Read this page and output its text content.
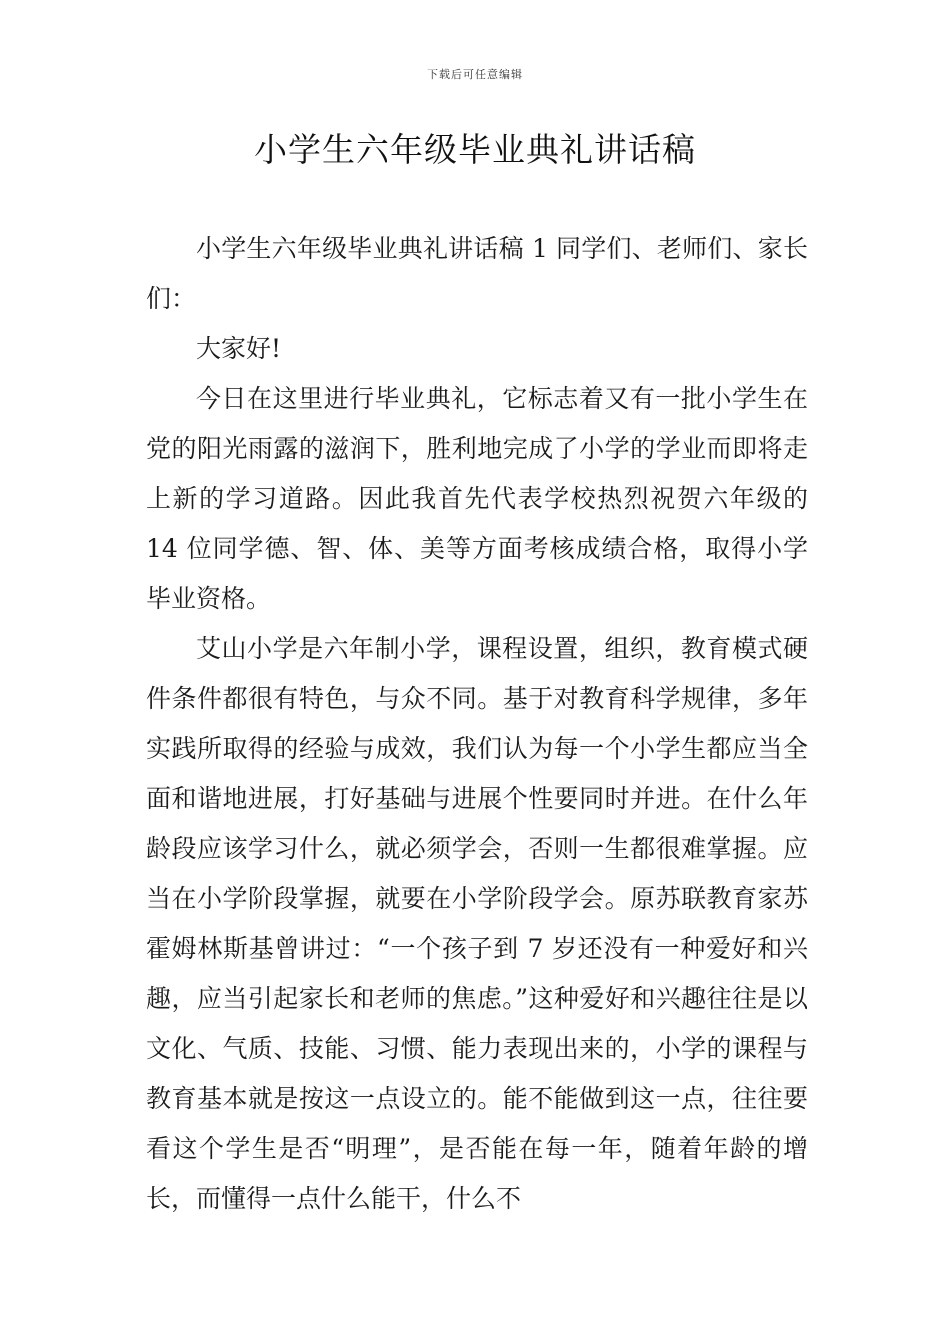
下载后可任意编辑
小学生六年级毕业典礼讲话稿

小学生六年级毕业典礼讲话稿 1 同学们、老师们、家长们：

大家好!

今日在这里进行毕业典礼，它标志着又有一批小学生在党的阳光雨露的滋润下，胜利地完成了小学的学业而即将走上新的学习道路。因此我首先代表学校热烈祝贺六年级的 14 位同学德、智、体、美等方面考核成绩合格，取得小学毕业资格。

艾山小学是六年制小学，课程设置，组织，教育模式硬件条件都很有特色，与众不同。基于对教育科学规律，多年实践所取得的经验与成效，我们认为每一个小学生都应当全面和谐地进展，打好基础与进展个性要同时并进。在什么年龄段应该学习什么，就必须学会，否则一生都很难掌握。应当在小学阶段掌握，就要在小学阶段学会。原苏联教育家苏霍姆林斯基曾讲过：“一个孩子到 7 岁还没有一种爱好和兴趣，应当引起家长和老师的焦虑。”这种爱好和兴趣往往是以文化、气质、技能、习惯、能力表现出来的，小学的课程与教育基本就是按这一点设立的。能不能做到这一点，往往要看这个学生是否“明理”，是否能在每一年，随着年龄的增长，而懂得一点什么能干，什么不
